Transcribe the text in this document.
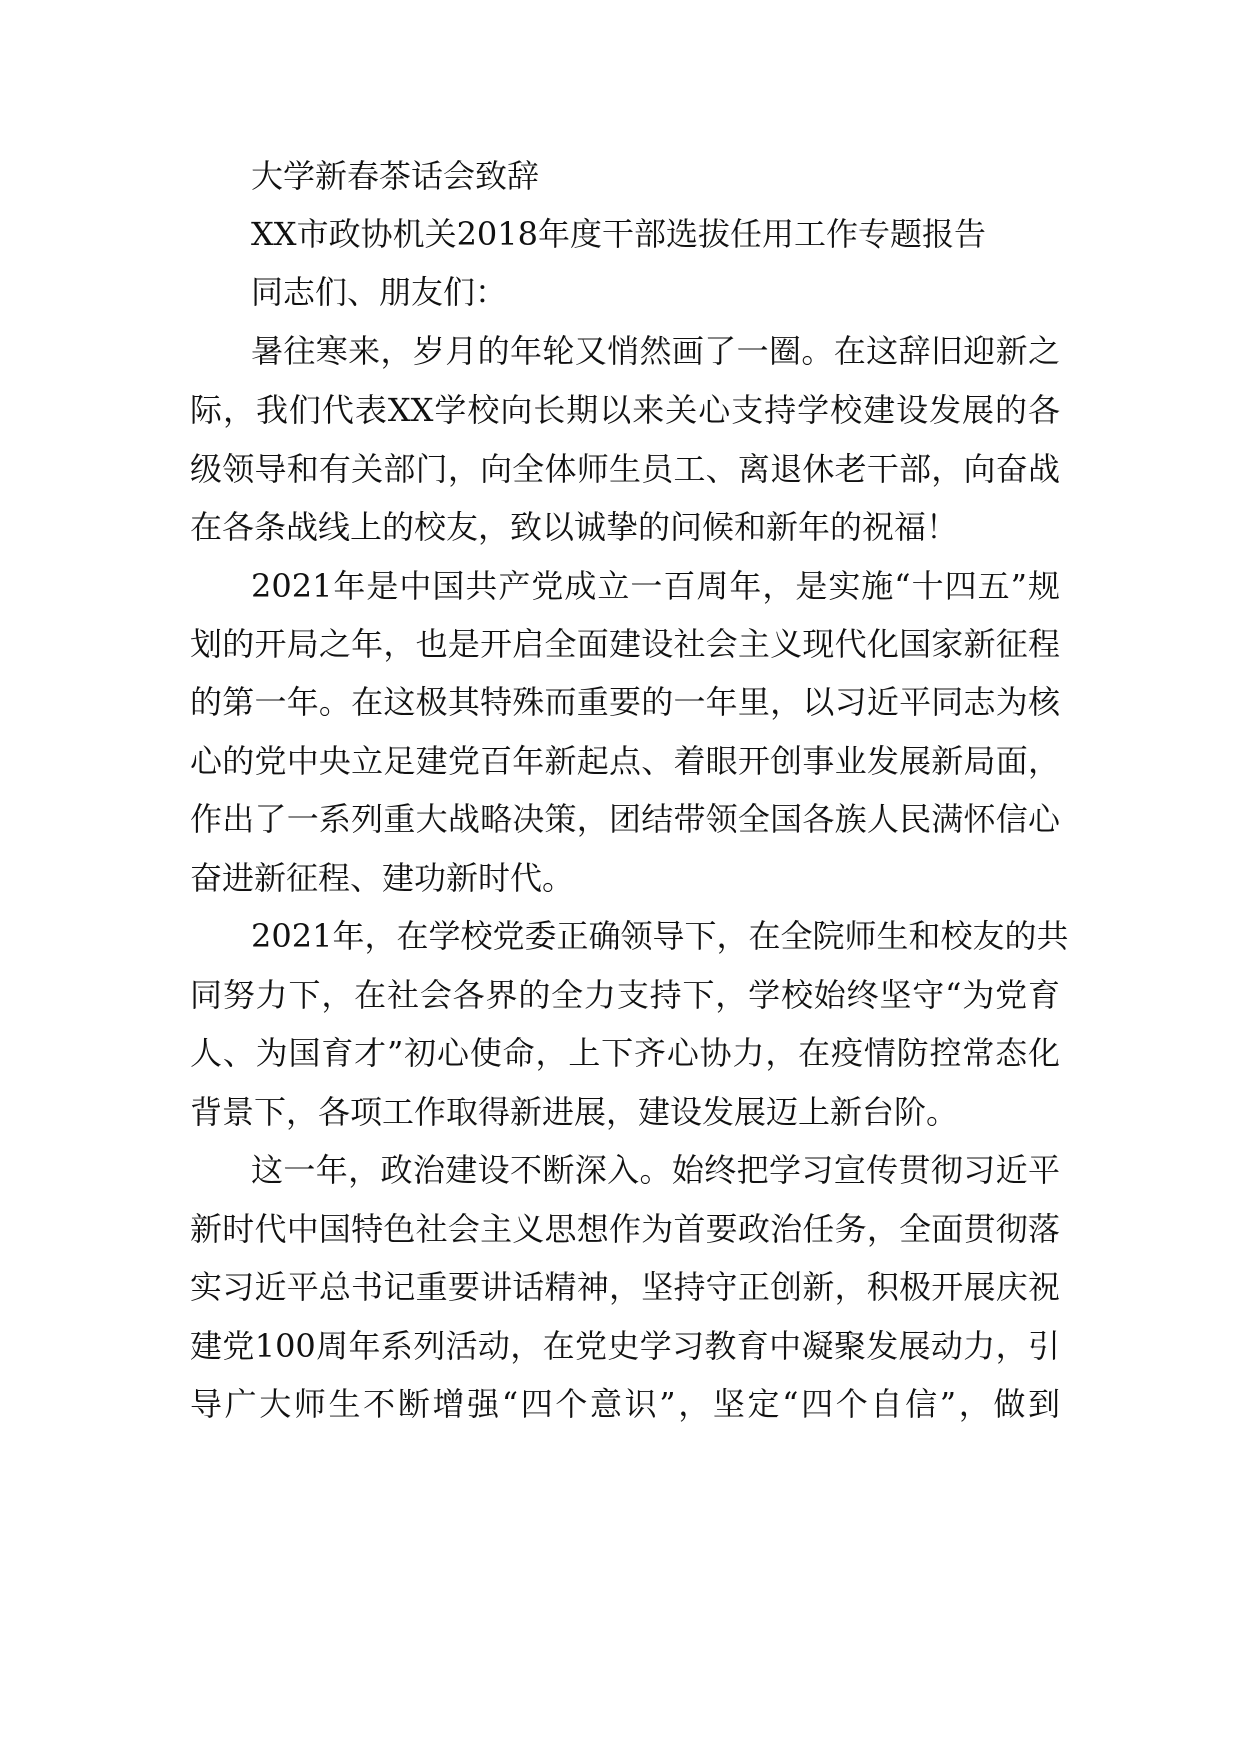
大学新春茶话会致辞
XX市政协机关2018年度干部选拔任用工作专题报告
同志们、朋友们：
暑往寒来，岁月的年轮又悄然画了一圈。在这辞旧迎新之
际，我们代表XX学校向长期以来关心支持学校建设发展的各
级领导和有关部门，向全体师生员工、离退休老干部，向奋战
在各条战线上的校友，致以诚挚的问候和新年的祝福！
2021年是中国共产党成立一百周年，是实施“十四五”规
划的开局之年，也是开启全面建设社会主义现代化国家新征程
的第一年。在这极其特殊而重要的一年里，以习近平同志为核
心的党中央立足建党百年新起点、着眼开创事业发展新局面，
作出了一系列重大战略决策，团结带领全国各族人民满怀信心
奋进新征程、建功新时代。
2021年，在学校党委正确领导下，在全院师生和校友的共
同努力下，在社会各界的全力支持下，学校始终坚守“为党育
人、为国育才”初心使命，上下齐心协力，在疫情防控常态化
背景下，各项工作取得新进展，建设发展迈上新台阶。
这一年，政治建设不断深入。始终把学习宣传贯彻习近平
新时代中国特色社会主义思想作为首要政治任务，全面贯彻落
实习近平总书记重要讲话精神，坚持守正创新，积极开展庆祝
建党100周年系列活动，在党史学习教育中凝聚发展动力，引
导广大师生不断增强“四个意识”，坚定“四个自信”，做到
